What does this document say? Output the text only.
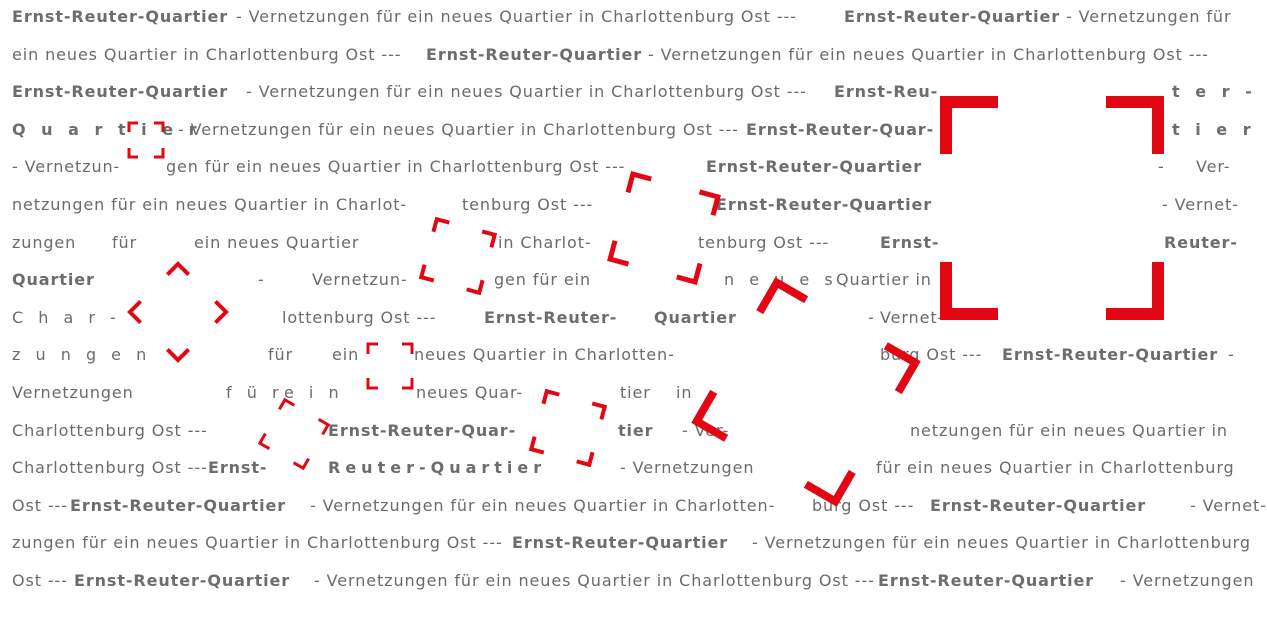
Ernst-Reuter-Quartier - Vernetzungen für ein neues Quartier in Charlottenburg Ost ---	Ernst-Reuter-Quartier - Vernetzungen für
ein neues Quartier in Charlottenburg Ost --- Ernst-Reuter-Quartier - Vernetzungen für ein neues Quartier in Charlottenburg Ost ---
Ernst-Reuter-Quartier - Vernetzungen für ein neues Quartier in Charlottenburg Ost --- Ernst-Reu-	t e r -
Q u a r t i e r
- Vernetzungen für ein neues Quartier in Charlottenburg Ost --- Ernst-Reuter-Quar-	t i e r
- Vernetzun-	gen für ein neues Quartier in Charlottenburg Ost ---	Ernst-Reuter-Quartier	- Ver-
netzungen für ein neues Quartier in Charlot-	tenburg Ost ---	Ernst-Reuter-Quartier	- Vernet-
zungen für	ein neues Quartier	in Charlot-	tenburg Ost ---	Ernst-	Reuter-
Quartier	-	Vernetzun-	gen für ein	n e u e s
Quartier in
C h a r -	lottenburg Ost ---	Ernst-Reuter- Quartier	- Vernet-
z u n g e n	für ein	neues Quartier in Charlotten-	burg Ost --- Ernst-Reuter-Quartier -
Vernetzungen	f ü r e i n	neues Quar-	tier in
Charlottenburg Ost ---	Ernst-Reuter-Quar-	tier - Ver-	netzungen für ein neues Quartier in
Charlottenburg Ost --- Ernst-	Reuter-Quartier	- Vernetzungen	für ein neues Quartier in Charlottenburg
Ost --- Ernst-Reuter-Quartier - Vernetzungen für ein neues Quartier in Charlotten- burg Ost --- Ernst-Reuter-Quartier	- Vernet-
zungen für ein neues Quartier in Charlottenburg Ost --- Ernst-Reuter-Quartier - Vernetzungen für ein neues Quartier in Charlottenburg
Ost --- Ernst-Reuter-Quartier - Vernetzungen für ein neues Quartier in Charlottenburg Ost --- Ernst-Reuter-Quartier - Vernetzungen
